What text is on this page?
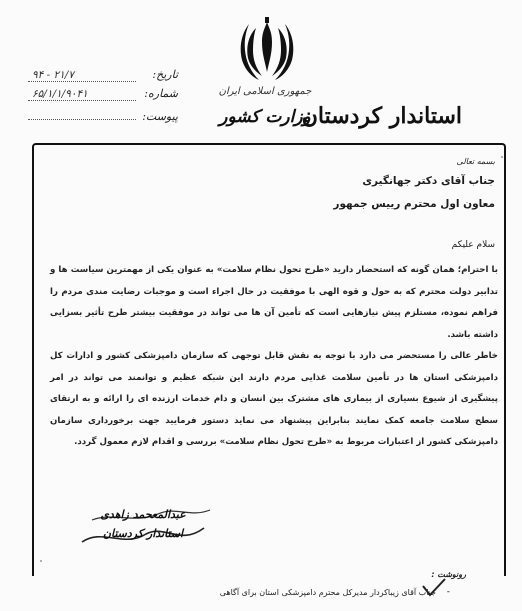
جمهوری اسلامی ایران
وزارت کشور
استاندار کردستان
تاریخ:
۹۴ - ۲۱/۷
شماره:
۶۵/۱/۱/۹۰۴۱
پیوست:
بسمه تعالی
جناب آقای دکتر جهانگیری
معاون اول محترم رییس جمهور
سلام علیکم
با احترام؛ همان گونه که استحضار دارید «طرح تحول نظام سلامت» به عنوان یکی از مهمترین سیاست ها و تدابیر دولت محترم که به حول و قوه الهی با موفقیت در حال اجراء است و موجبات رضایت مندی مردم را فراهم نموده، مستلزم پیش نیازهایی است که تأمین آن ها می تواند در موفقیت بیشتر طرح تأثیر بسزایی داشته باشد.
خاطر عالی را مستحضر می دارد با توجه به نقش قابل توجهی که سازمان دامپزشکی کشور و ادارات کل دامپزشکی استان ها در تأمین سلامت غذایی مردم دارند این شبکه عظیم و توانمند می تواند در امر پیشگیری از شیوع بسیاری از بیماری های مشترک بین انسان و دام خدمات ارزنده ای را ارائه و به ارتقای سطح سلامت جامعه کمک نمایند بنابراین پیشنهاد می نماید دستور فرمایید جهت برخورداری سازمان دامپزشکی کشور از اعتبارات مربوط به «طرح تحول نظام سلامت» بررسی و اقدام لازم معمول گردد.
عبدالمعحمد زاهدی
استاندار کردستان
رونوشت :
-
جناب آقای زیباکردار مدیرکل محترم دامپزشکی استان برای آگاهی
